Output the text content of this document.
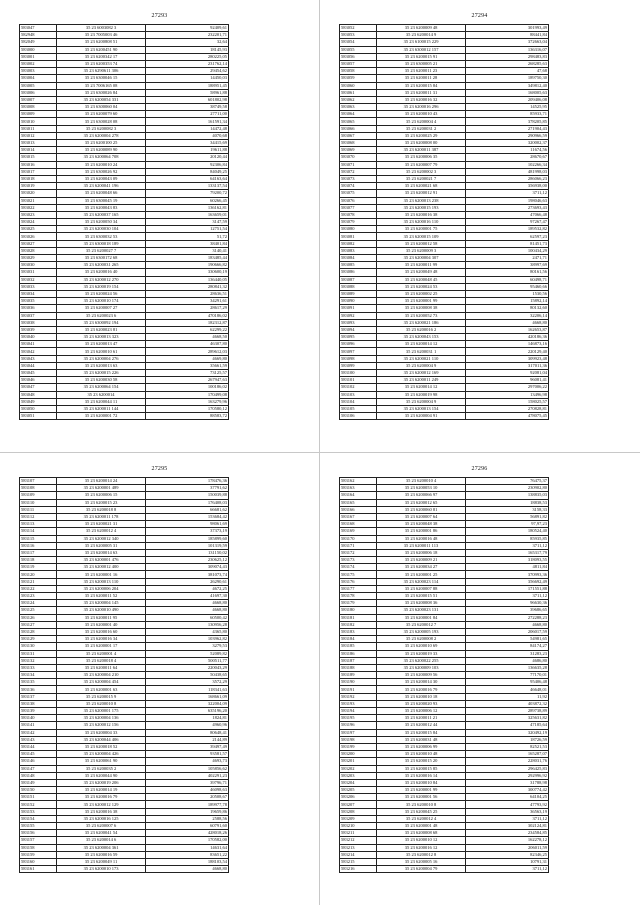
27293
583047	35 23 6003082 3	92409,61
582948	35 23 7005003 46	232201,71
582049	35 23 6200808 51	32,64
583000	35 23 6200451 90	18145,93
583001	35 23 6200342 17	280225,05
583002	35 23 6200353 74	231762,14
583003	35 23 6290611 306	29454,62
583004	35 23 6300046 15	14450,03
583005	35 23 7006165 08	188951,45
583006	35 23 6300026 84	58961,88
583007	35 23 6200054 331	601802,98
583008	35 23 6300060 04	38749,58
583009	35 23 6200079 60	27711,00
583010	35 23 6300028 08	161591,34
583011	35 23 6200082 3	14472,48
583012	35 23 6200004 278	4070,68
583013	35 23 6200100 25	34415,69
583014	35 23 6200089 90	19611,88
583015	35 23 6200064 708	20120,44
583016	35 23 6200010 24	92306,84
583017	35 23 6300026 92	84049,25
583018	35 23 6200043 09	64163,64
583019	35 23 6200041 196	133137,54
583020	35 23 6200048 66	79200,72
583021	35 23 6300045 19	60266,45
583022	35 23 6200043 83	136162,81
583023	35 23 6200037 165	163659,01
583024	35 23 6200050 34	3147,59
583025	35 23 6200030 104	12751,54
583026	35 23 6300032 53	51,72
583027	35 23 6300018 189	38401,84
583028	35 23 6200027 7	3140,41
583029	35 23 6300172 68	183485,44
583030	35 23 6200031 265	190666,82
583031	35 23 6200016 40	330600,19
583032	35 23 6200012 270	136440,05
583033	35 23 6200019 154	280841,32
583034	35 23 6200024 56	28636,51
583035	35 23 6200010 174	34291,61
583036	35 23 6200007 27	28617,29
583037	35 23 6200023 6	470186,02
583038	35 23 6300092 194	182312,87
583039	35 23 6200023 81	62299,22
583040	35 23 6200013 323	4668,50
583041	35 23 6200013 47	46307,80
583042	35 23 6200010 61	289612,03
583043	35 23 6200004 276	4669,80
583044	35 23 6200013 63	35661,59
583045	35 23 6200015 226	73125,57
583046	35 23 6200030 58	267947,63
583047	35 23 6200064 154	100186,02
583048	35 23 6200014	170499,08
583049	35 23 6200044 11	163279,96
583050	35 23 6200011 144	170580,12
583051	35 23 6200001 72	88583,72
27294
583052	35 23 6200009 48	301993,49
583053	35 23 6200014 9	88441,84
583054	35 23 6100015 229	372663,04
583055	35 23 6300012 157	136316,07
583056	35 23 6200015 91	298483,83
583057	35 23 6300005 21	268285,63
583058	35 23 6200011 23	47,68
583059	35 23 6200011 28	189750,30
583060	35 23 6200015 84	349812,40
583061	35 23 6200011 31	168005,63
583062	35 23 6200016 32	209406,08
583063	35 23 6200016 296	14525,95
583064	35 23 6200010 43	85933,71
583065	35 23 6200004 4	378205,85
583066	35 23 6200031 2	271904,43
583067	35 23 6200025 29	290966,59
583068	35 23 6200008 00	320002,37
583069	35 23 6200011 387	11674,56
583070	35 23 6200006 35	28670,67
583071	35 23 6200007 79	102266,34
583072	35 23 6200002 3	481998,03
583073	35 23 6200021 7	286066,23
583074	35 23 6200021 68	356938,00
583075	35 23 6200012 91	3711,12
583076	35 23 6200013 238	198046,63
583077	35 23 6200015 193	273693,43
583078	35 23 6200016 38	47066,48
583079	35 23 6200016 110	97267,47
583080	35 23 6200001 75	189532,82
583081	35 23 6200015 109	62597,23
583082	35 23 6200012 58	81451,73
583083	35 23 6200009 3	100434,29
583084	35 23 6200004 307	2471,71
583085	35 23 6200011 99	38997,69
583086	35 23 6200049 48	80161,56
583087	35 23 6200048 45	60498,71
583088	35 23 6200024 53	95460,66
583089	35 23 6200002 25	1530,56
583090	35 23 6200001 99	15892,14
583091	35 23 6200008 38	80132,60
583092	35 23 6200052 73	32206,14
583093	35 23 6200021 186	4668,80
583094	35 23 6200016 2	162653,87
583095	35 23 6200043 153	420186,36
583096	35 23 6200014 12	146873,16
583097	35 23 6200031 1	220129,40
583098	35 23 6200021 110	309923,48
583099	35 23 6200004 9	317011,36
583100	35 23 6200012 169	92081,04
583101	35 23 6200011 249	96081,41
583102	35 23 6200014 12	297006,22
583103	35 23 6200019 98	13496,98
583104	35 23 6200004 9	158025,57
583105	35 23 6200013 154	270828,81
583106	35 23 6200004 91	478075,45
27295
583107	35 23 6200014 24	178476,36
583108	35 23 6200001 489	37791,62
583109	35 23 6200006 15	150039,88
583110	35 23 6200015 23	176408,03
583111	35 23 6200018 8	66681,62
583112	35 23 6200011 178	153684,42
583113	35 23 6200021 31	98061,69
583114	35 23 6200012 4	37373,19
583115	35 23 6200012 340	185899,60
583116	35 23 6200005 31	101319,59
583117	35 23 6200014 63	131150,02
583118	35 23 6200001 476	230625,12
583119	35 23 6200012 400	309074,43
583120	35 23 6200001 16	381073,74
583121	35 23 6200013 110	26290,61
583122	35 23 6200006 204	4672,25
583123	35 23 6200011 52	41697,30
583124	35 23 6200004 145	4668,80
583125	35 23 6200010 490	4668,80
583126	35 23 6200011 95	60500,42
583127	35 23 6200001 40	130956,28
583128	35 23 6200016 60	4365,80
583129	35 23 6200016 34	103962,82
583130	35 23 6200001 17	3279,53
583131	35 23 6200001 4	52089,82
583132	35 23 6200018 4	500511,77
583133	35 23 6200011 64	220043,29
583134	35 23 6200004 210	50438,65
583135	35 23 6200004 454	3572,29
583136	35 23 6200001 63	118341,63
583137	35 23 6200015 9	168661,09
583138	35 23 6200010 8	322004,09
583139	35 23 6200001 175	635196,20
583140	35 23 6200004 136	1824,81
583141	35 23 6200012 156	4960,96
583142	35 23 6200004 33	80648,41
583143	35 23 6200044 406	2144,89
583144	35 23 6200018 52	39497,49
583145	35 23 6200004 426	93581,57
583146	35 23 6200061 90	4693,73
583147	35 23 6200035 2	105856,62
583148	35 23 6200044 90	402291,23
583149	35 23 6200019 206	39796,71
583150	35 23 6200014 19	46098,63
583151	35 23 6200016 79	20508,67
583152	35 23 6200012 129	189977,78
583153	35 23 6200016 38	19659,86
583154	35 23 6200016 125	2588,56
583155	35 23 6200007 6	60791,60
583156	35 23 6200041 54	428018,26
583157	35 23 6200014 6	170582,00
583158	35 23 6200004 361	14631,64
583159	35 23 6200016 59	83651,22
583160	35 23 6200049 11	188103,54
583161	35 23 6200010 173	4668,80
27296
583162	35 23 6200010 4	76475,37
583163	35 23 6200053 10	230902,80
583164	35 23 6200066 97	138835,03
583165	35 23 6200012 65	18838,53
583166	35 23 6200060 81	3158,33
583167	35 23 6200007 64	56891,82
583168	35 23 6200048 38	97,97,23
583169	35 23 6200001 86	180524,40
583170	35 23 6200016 48	85935,85
583171	35 23 6200011 113	3711,12
583172	35 23 6200006 18	165317,79
583173	35 23 6200009 21	318093,55
583174	35 23 6200034 27	4811,84
583175	35 23 6200001 25	370993,36
583176	35 23 6200023 114	356692,49
583177	35 23 6200007 88	171551,88
583178	35 23 6200015 51	3711,12
583179	35 23 6200008 36	96630,36
583180	35 23 6200023 131	39686,65
583181	35 23 6200001 84	272288,23
583182	35 23 6200012 7	4668,80
583183	35 23 6200005 193	206017,59
583184	35 23 6200008 2	54981,65
583185	35 23 6200010 69	84174,27
583186	35 23 6200019 33	31283,23
583187	35 23 6200022 255	4686,80
583188	35 23 6200009 103	136635,28
583189	35 23 6200009 56	77170,01
583190	35 23 6200014 30	95406,48
583191	35 23 6200016 79	46648,01
583192	35 23 6200010 18	11,92
583193	35 23 6200020 93	403872,32
583194	35 23 6200006 12	289738,89
583195	35 23 6200011 21	325631,82
583196	35 23 6200012 44	47185,64
583197	35 23 6200015 84	320492,19
583198	35 23 6200031 48	18726,59
583199	35 23 6200006 99	82521,53
583200	35 23 6200010 48	165287,07
583201	35 23 6200015 20	228031,76
583202	35 23 6200015 85	296425,83
583203	35 23 6200016 14	292996,92
583204	35 23 6200010 84	31788,98
583205	35 23 6200001 99	300774,42
583206	35 23 6200001 56	64104,25
583207	35 23 6200010 8	47793,92
583208	35 23 6200045 25	36563,19
583209	35 23 6200012 4	3711,12
583210	35 23 6200001 48	302124,81
583211	35 23 6200008 68	234584,85
583212	35 23 6200010 12	162278,12
583213	35 23 6200016 12	206011,59
583214	35 23 6200012 8	82346,25
583215	35 23 6200005 16	10791,31
583216	35 23 6200004 79	3711,12
